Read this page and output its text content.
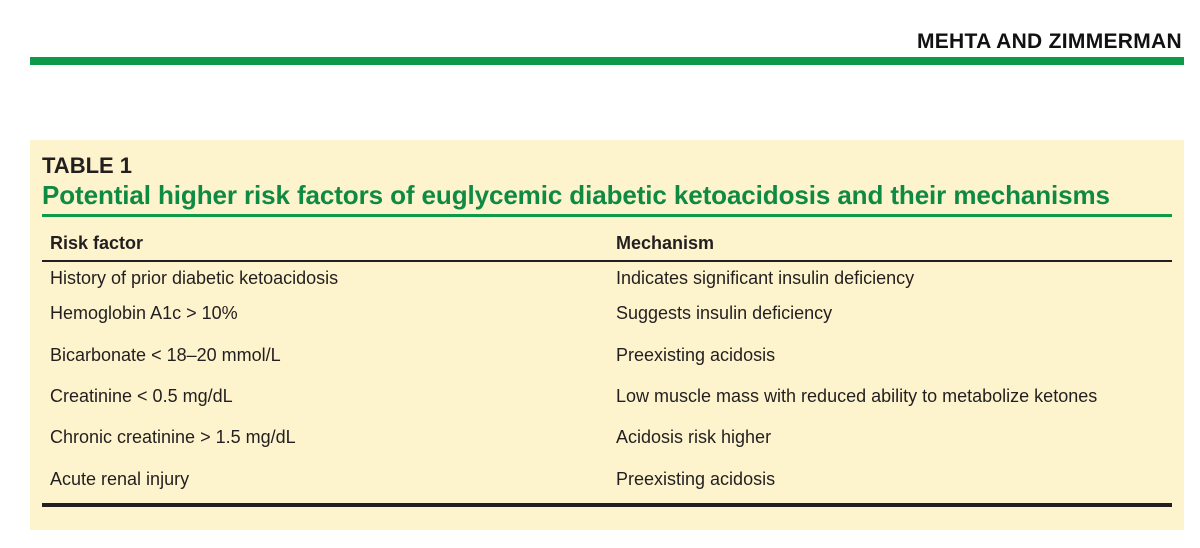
MEHTA AND ZIMMERMAN
TABLE 1
Potential higher risk factors of euglycemic diabetic ketoacidosis and their mechanisms
Risk factor	Mechanism
History of prior diabetic ketoacidosis	Indicates significant insulin deficiency
Hemoglobin A1c > 10%	Suggests insulin deficiency
Bicarbonate < 18–20 mmol/L	Preexisting acidosis
Creatinine < 0.5 mg/dL	Low muscle mass with reduced ability to metabolize ketones
Chronic creatinine > 1.5 mg/dL	Acidosis risk higher
Acute renal injury	Preexisting acidosis
